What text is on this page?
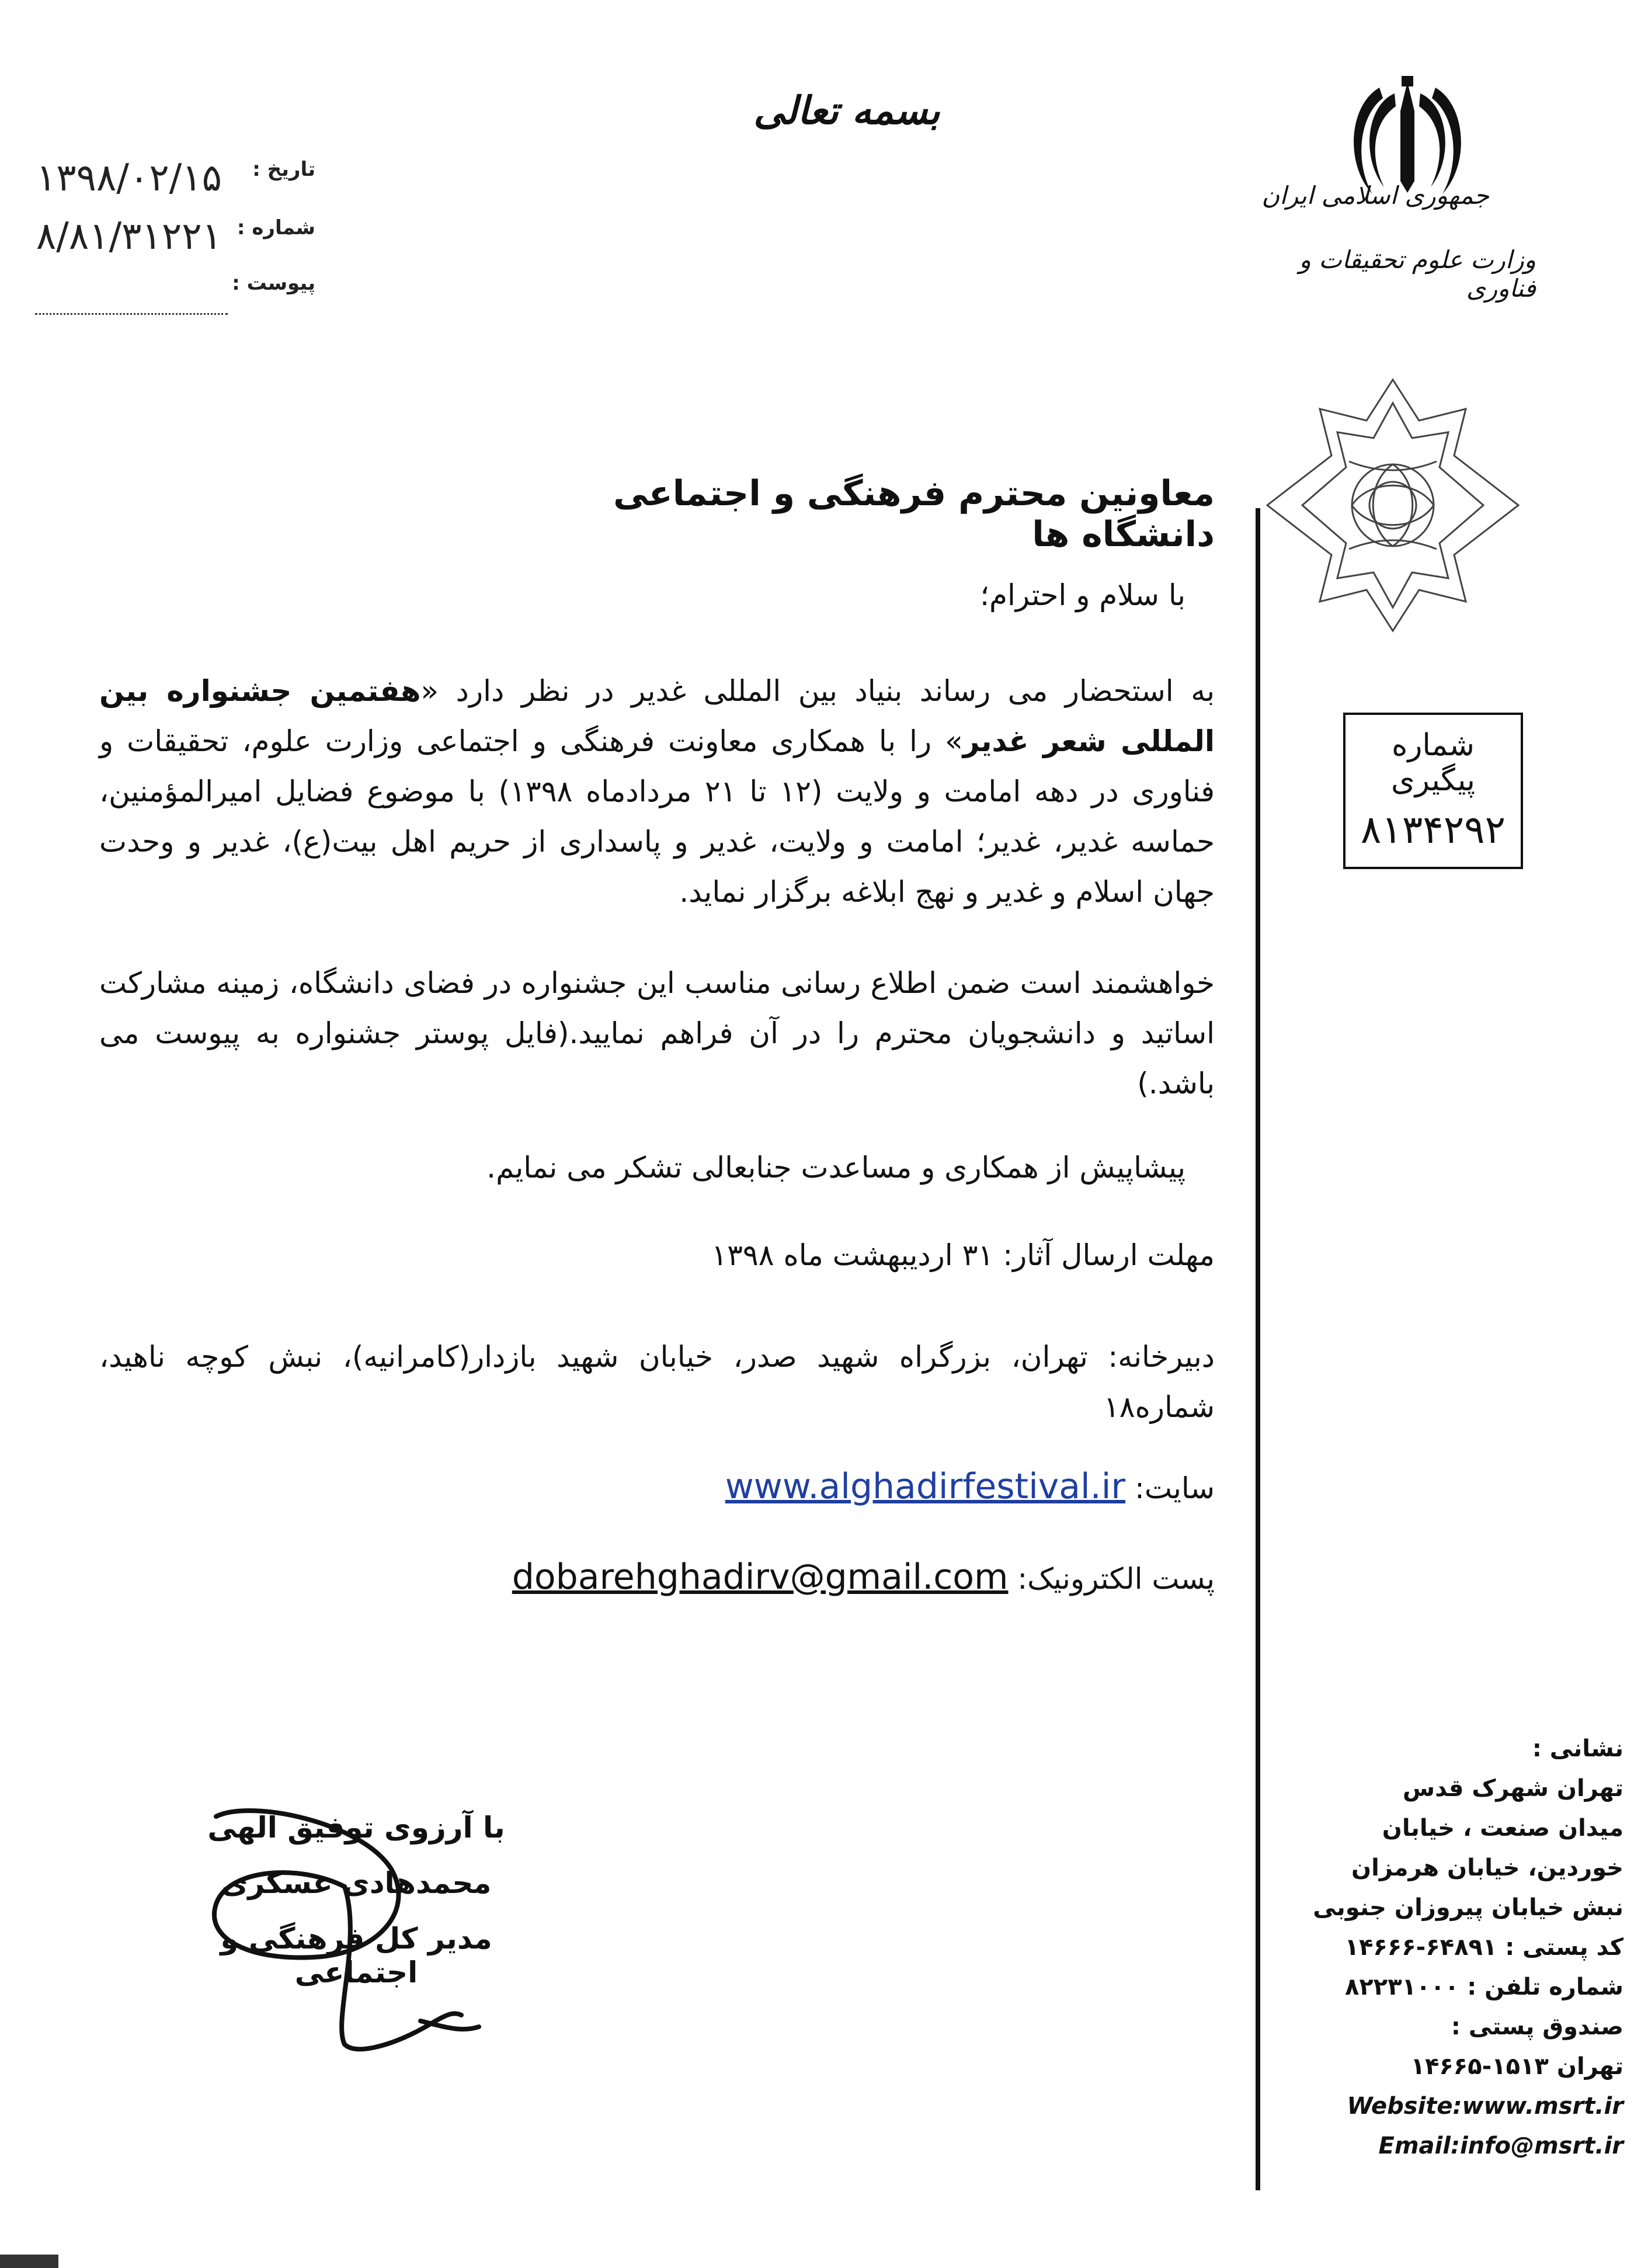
بسمه تعالی
تاریخ :
۱۳۹۸/۰۲/۱۵
شماره :
۸/۸۱/۳۱۲۲۱
پیوست :
جمهوری اسلامی ایران
وزارت علوم تحقیقات و فناوری
شماره پیگیری
۸۱۳۴۲۹۲
معاونین محترم فرهنگی و اجتماعی دانشگاه ها
با سلام و احترام؛
به استحضار می رساند بنیاد بین المللی غدیر در نظر دارد «هفتمین جشنواره بین المللی شعر غدیر» را با همکاری معاونت فرهنگی و اجتماعی وزارت علوم، تحقیقات و فناوری در دهه امامت و ولایت (۱۲ تا ۲۱ مردادماه ۱۳۹۸) با موضوع فضایل امیرالمؤمنین، حماسه غدیر، غدیر؛ امامت و ولایت، غدیر و پاسداری از حریم اهل بیت(ع)، غدیر و وحدت جهان اسلام و غدیر و نهج ابلاغه برگزار نماید.
خواهشمند است ضمن اطلاع رسانی مناسب این جشنواره در فضای دانشگاه، زمینه مشارکت اساتید و دانشجویان محترم را در آن فراهم نمایید.(فایل پوستر جشنواره به پیوست می باشد.)
پیشاپیش از همکاری و مساعدت جنابعالی تشکر می نمایم.
مهلت ارسال آثار: ۳۱ اردیبهشت ماه ۱۳۹۸
دبیرخانه: تهران، بزرگراه شهید صدر، خیابان شهید بازدار(کامرانیه)، نبش کوچه ناهید، شماره۱۸
سایت: www.alghadirfestival.ir
پست الکترونیک: dobarehghadirv@gmail.com
با آرزوی توفیق الهی
محمدهادی عسکری
مدیر کل فرهنگی و اجتماعی
نشانی :
تهران شهرک قدس
میدان صنعت ، خیابان
خوردین، خیابان هرمزان
نبش خیابان پیروزان جنوبی
کد پستی : ۶۴۸۹۱-۱۴۶۶۶
شماره تلفن : ۸۲۲۳۱۰۰۰
صندوق پستی :
تهران ۱۵۱۳-۱۴۶۶۵
Website:www.msrt.ir
Email:info@msrt.ir
